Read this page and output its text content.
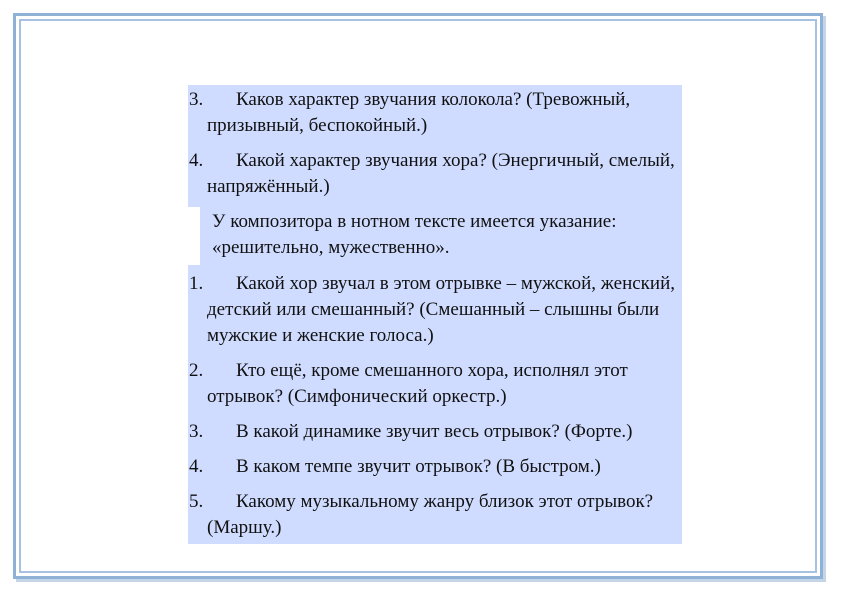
3.	Каков характер звучания колокола? (Тревожный, призывный, беспокойный.)
4.	Какой характер звучания хора? (Энергичный, смелый, напряжённый.)
У композитора в нотном тексте имеется указание: «решительно, мужественно».
1.	Какой хор звучал в этом отрывке – мужской, женский, детский или смешанный? (Смешанный – слышны были мужские и женские голоса.)
2.	Кто ещё, кроме смешанного хора, исполнял этот отрывок? (Симфонический оркестр.)
3.	В какой динамике звучит весь отрывок? (Форте.)
4.	В каком темпе звучит отрывок? (В быстром.)
5.	Какому музыкальному жанру близок этот отрывок? (Маршу.)
